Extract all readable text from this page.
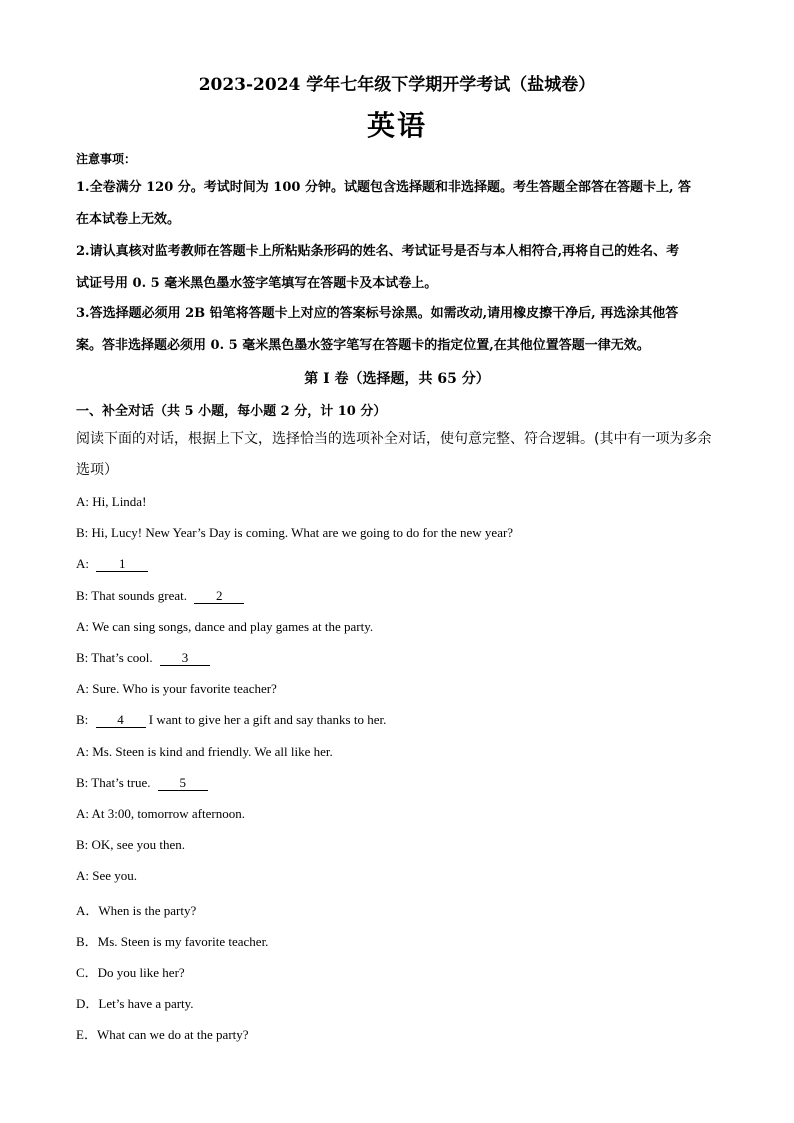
2023-2024 学年七年级下学期开学考试（盐城卷）
英语
注意事项：
1.全卷满分 120 分。考试时间为 100 分钟。试题包含选择题和非选择题。考生答题全部答在答题卡上, 答
在本试卷上无效。
2.请认真核对监考教师在答题卡上所粘贴条形码的姓名、考试证号是否与本人相符合,再将自己的姓名、考
试证号用 0. 5 毫米黑色墨水签字笔填写在答题卡及本试卷上。
3.答选择题必须用 2B 铅笔将答题卡上对应的答案标号涂黑。如需改动,请用橡皮擦干净后, 再选涂其他答
案。答非选择题必须用 0. 5 毫米黑色墨水签字笔写在答题卡的指定位置,在其他位置答题一律无效。
第 I 卷（选择题，共 65 分）
一、补全对话（共 5 小题，每小题 2 分，计 10 分）
阅读下面的对话，根据上下文，选择恰当的选项补全对话，使句意完整、符合逻辑。(其中有一项为多余
选项）
A: Hi, Linda!
B: Hi, Lucy! New Year’s Day is coming. What are we going to do for the new year?
A: 1
B: That sounds great. 2
A: We can sing songs, dance and play games at the party.
B: That’s cool. 3
A: Sure. Who is your favorite teacher?
B: 4 I want to give her a gift and say thanks to her.
A: Ms. Steen is kind and friendly. We all like her.
B: That’s true. 5
A: At 3:00, tomorrow afternoon.
B: OK, see you then.
A: See you.
A．When is the party?
B．Ms. Steen is my favorite teacher.
C．Do you like her?
D．Let’s have a party.
E．What can we do at the party?
